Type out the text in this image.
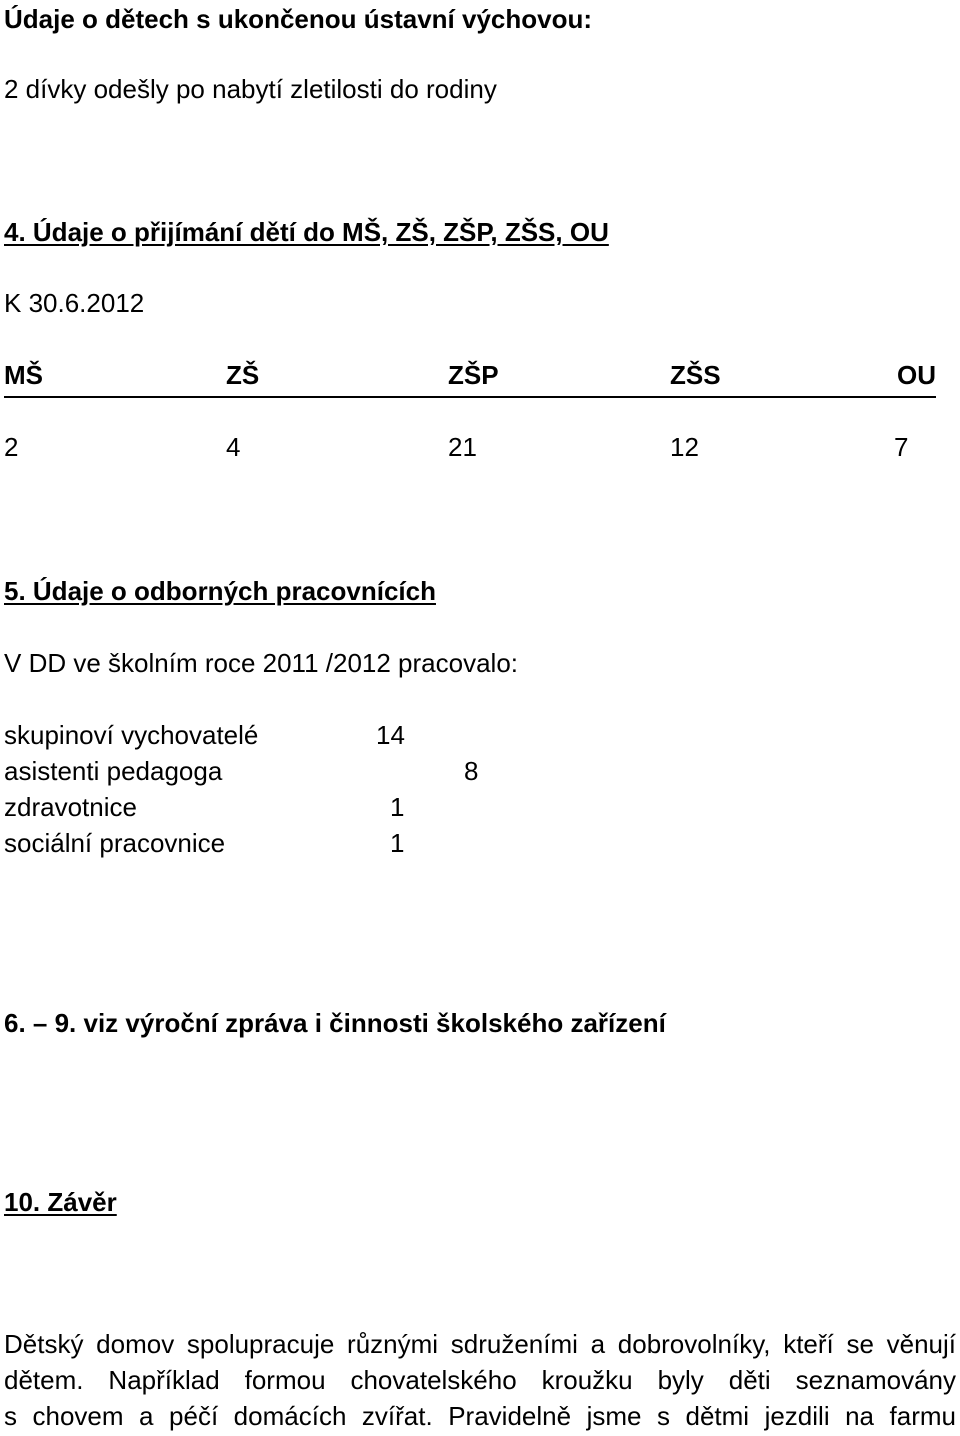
Údaje o dětech s ukončenou ústavní výchovou:
2 dívky odešly po nabytí zletilosti do rodiny
4. Údaje o přijímání dětí do MŠ, ZŠ, ZŠP, ZŠS, OU
K 30.6.2012
MŠ	ZŠ	ZŠP	ZŠS	OU
2	4	21	12	7
5. Údaje o odborných pracovnících
V DD ve školním roce 2011 /2012 pracovalo:
skupinoví vychovatelé	14
asistenti pedagoga	8
zdravotnice	1
sociální pracovnice	1
6. – 9. viz výroční zpráva i činnosti školského zařízení
10. Závěr
Dětský domov spolupracuje různými sdruženími a dobrovolníky, kteří se věnují
dětem. Například formou chovatelského kroužku byly děti seznamovány
s chovem a péčí domácích zvířat. Pravidelně jsme s dětmi jezdili na farmu
